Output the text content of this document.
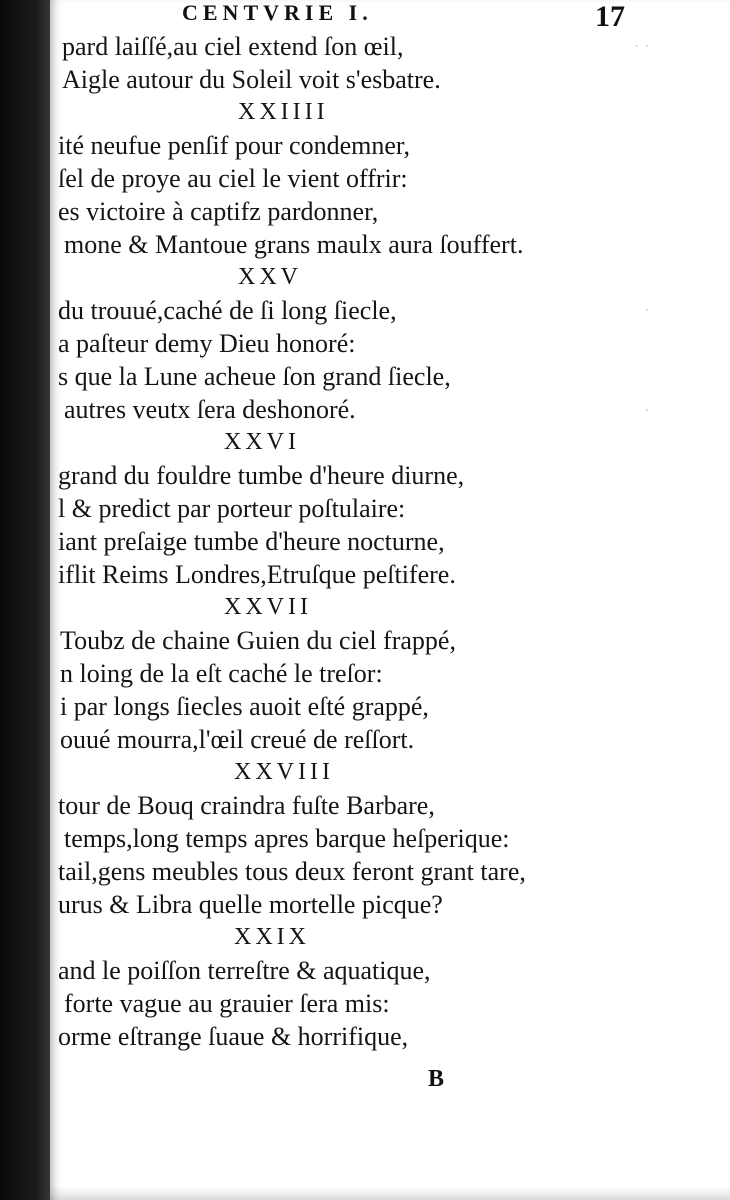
CENTVRIE I.	17
pard laiſſé,au ciel extend ſon œil,
Aigle autour du Soleil voit s'esbatre.
XXIIII
ité neufue penſif pour condemner,
ſel de proye au ciel le vient offrir:
es victoire à captifz pardonner,
mone & Mantoue grans maulx aura ſouffert.
XXV
du trouué,caché de ſi long ſiecle,
a paſteur demy Dieu honoré:
s que la Lune acheue ſon grand ſiecle,
autres veutx ſera deshonoré.
XXVI
grand du fouldre tumbe d'heure diurne,
l & predict par porteur poſtulaire:
iant preſaige tumbe d'heure nocturne,
iflit Reims Londres,Etruſque peſtifere.
XXVII
Toubz de chaine Guien du ciel frappé,
n loing de la eſt caché le treſor:
i par longs ſiecles auoit eſté grappé,
ouué mourra,l'œil creué de reſſort.
XXVIII
tour de Bouq craindra fuſte Barbare,
temps,long temps apres barque heſperique:
tail,gens meubles tous deux feront grant tare,
urus & Libra quelle mortelle picque?
XXIX
and le poiſſon terreſtre & aquatique,
forte vague au grauier ſera mis:
orme eſtrange ſuaue & horrifique,
B
· ·
·
·
